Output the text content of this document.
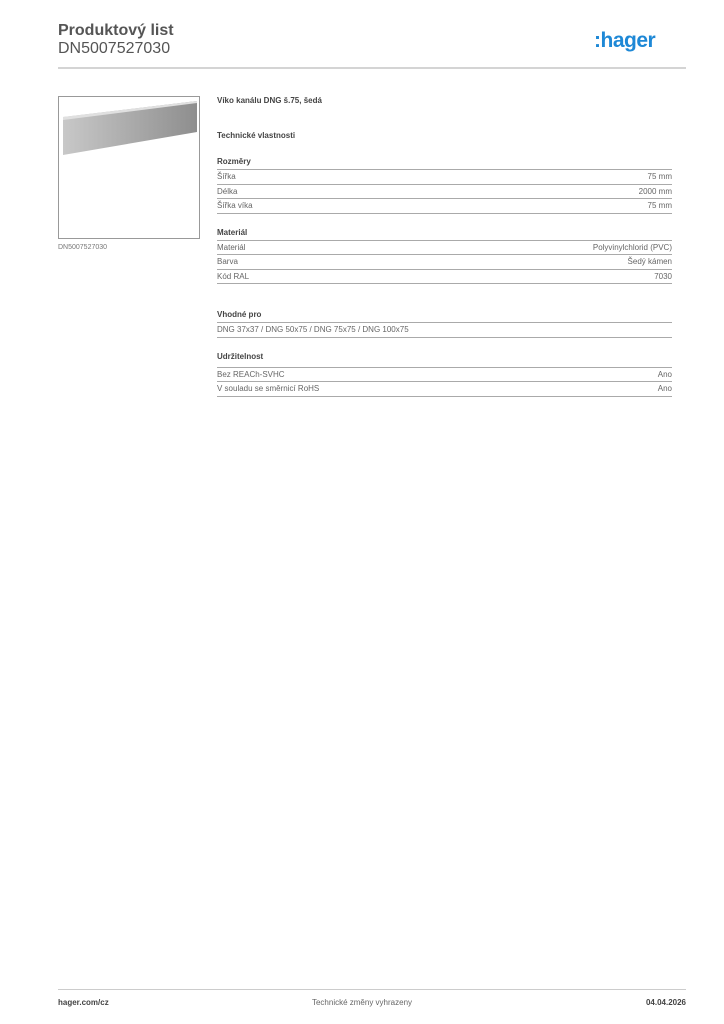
Produktový list
DN5007527030	:hager
DN5007527030
Víko kanálu DNG š.75, šedá
Technické vlastnosti
Rozměry
Šířka	75 mm
Délka	2000 mm
Šířka víka	75 mm
Materiál
Materiál	Polyvinylchlorid (PVC)
Barva	Šedý kámen
Kód RAL	7030
Vhodné pro
DNG 37x37 / DNG 50x75 / DNG 75x75 / DNG 100x75
Udržitelnost
Bez REACh-SVHC	Ano
V souladu se směrnicí RoHS	Ano
hager.com/cz	Technické změny vyhrazeny	04.04.2026
